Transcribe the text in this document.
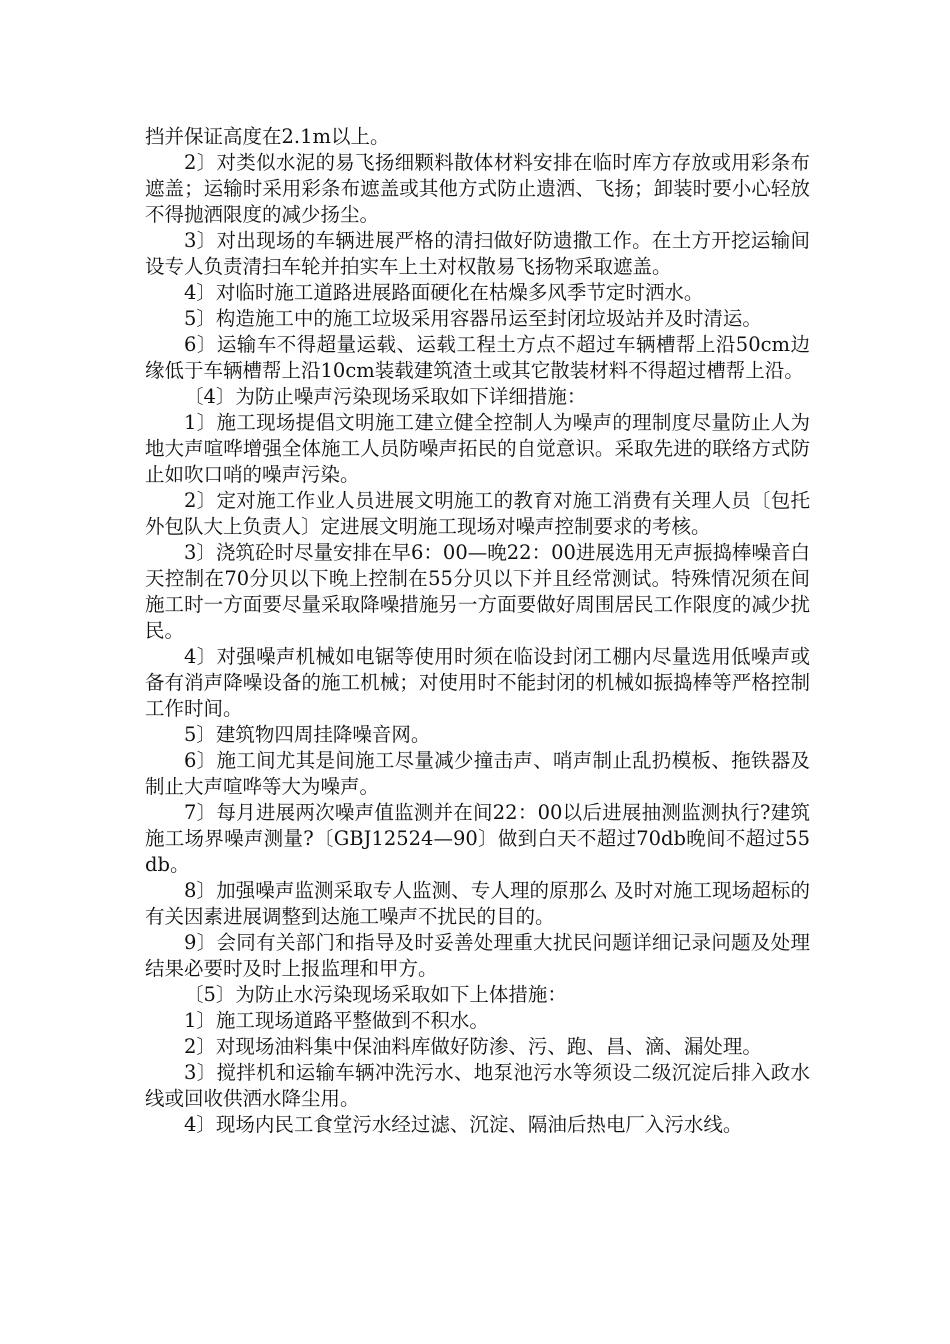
挡并保证高度在2.1m以上。

2〕对类似水泥的易飞扬细颗料散体材料安排在临时库方存放或用彩条布遮盖；运输时采用彩条布遮盖或其他方式防止遗洒、飞扬；卸装时要小心轻放不得抛洒限度的减少扬尘。

3〕对出现场的车辆进展严格的清扫做好防遗撒工作。在土方开挖运输间设专人负责清扫车轮并拍实车上土对权散易飞扬物采取遮盖。

4〕对临时施工道路进展路面硬化在枯燥多风季节定时洒水。

5〕构造施工中的施工垃圾采用容器吊运至封闭垃圾站并及时清运。

6〕运输车不得超量运载、运载工程土方点不超过车辆槽帮上沿50cm边缘低于车辆槽帮上沿10cm装载建筑渣土或其它散装材料不得超过槽帮上沿。

〔4〕为防止噪声污染现场采取如下详细措施：

1〕施工现场提倡文明施工建立健全控制人为噪声的理制度尽量防止人为地大声喧哗增强全体施工人员防噪声拓民的自觉意识。采取先进的联络方式防止如吹口哨的噪声污染。

2〕定对施工作业人员进展文明施工的教育对施工消费有关理人员〔包托外包队大上负责人〕定进展文明施工现场对噪声控制要求的考核。

3〕浇筑砼时尽量安排在早6：00—晚22：00进展选用无声振捣棒噪音白天控制在70分贝以下晚上控制在55分贝以下并且经常测试。特殊情况须在间施工时一方面要尽量采取降噪措施另一方面要做好周围居民工作限度的减少扰民。

4〕对强噪声机械如电锯等使用时须在临设封闭工棚内尽量选用低噪声或备有消声降噪设备的施工机械；对使用时不能封闭的机械如振捣棒等严格控制工作时间。

5〕建筑物四周挂降噪音网。

6〕施工间尤其是间施工尽量减少撞击声、哨声制止乱扔模板、拖铁器及制止大声喧哗等大为噪声。

7〕每月进展两次噪声值监测并在间22：00以后进展抽测监测执行?建筑施工场界噪声测量?〔GBJ12524—90〕做到白天不超过70db晚间不超过55db。

8〕加强噪声监测采取专人监测、专人理的原那么 及时对施工现场超标的有关因素进展调整到达施工噪声不扰民的目的。

9〕会同有关部门和指导及时妥善处理重大扰民问题详细记录问题及处理结果必要时及时上报监理和甲方。

〔5〕为防止水污染现场采取如下上体措施：

1〕施工现场道路平整做到不积水。

2〕对现场油料集中保油料库做好防渗、污、跑、昌、滴、漏处理。

3〕搅拌机和运输车辆冲洗污水、地泵池污水等须设二级沉淀后排入政水线或回收供洒水降尘用。

4〕现场内民工食堂污水经过滤、沉淀、隔油后热电厂入污水线。
